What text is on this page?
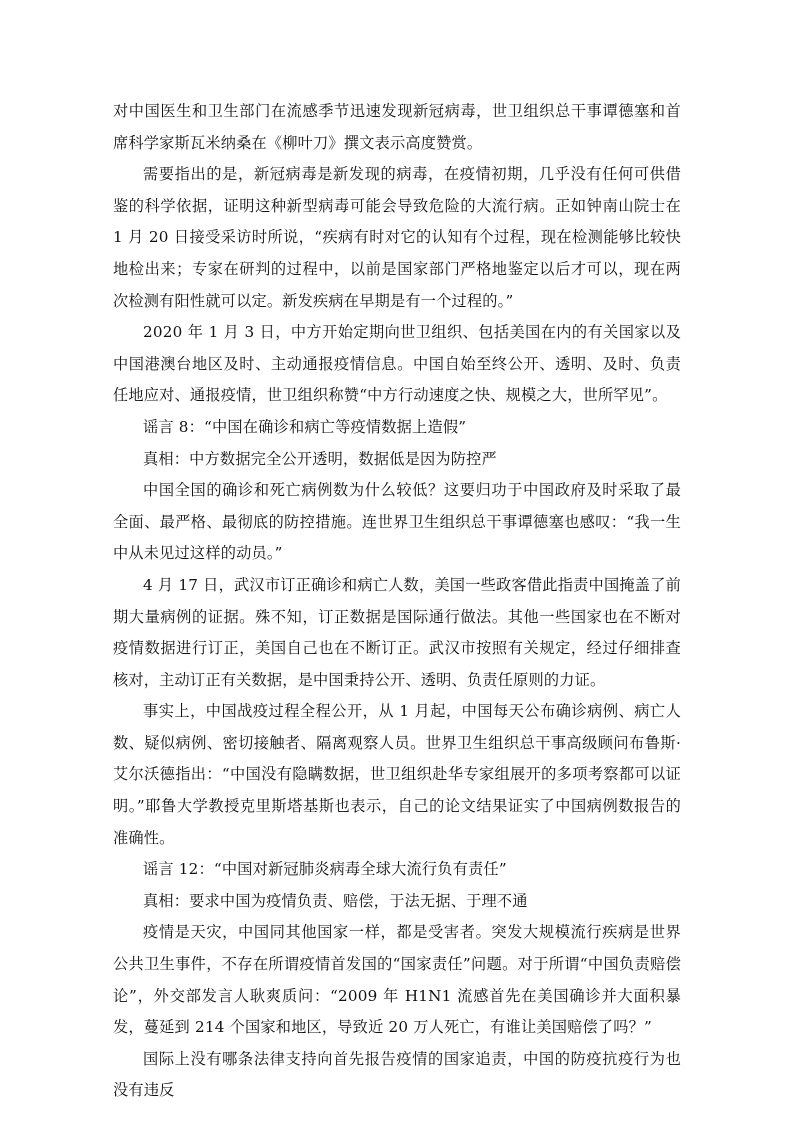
对中国医生和卫生部门在流感季节迅速发现新冠病毒，世卫组织总干事谭德塞和首席科学家斯瓦米纳桑在《柳叶刀》撰文表示高度赞赏。

需要指出的是，新冠病毒是新发现的病毒，在疫情初期，几乎没有任何可供借鉴的科学依据，证明这种新型病毒可能会导致危险的大流行病。正如钟南山院士在 1 月 20 日接受采访时所说，“疾病有时对它的认知有个过程，现在检测能够比较快地检出来；专家在研判的过程中，以前是国家部门严格地鉴定以后才可以，现在两次检测有阳性就可以定。新发疾病在早期是有一个过程的。”

2020 年 1 月 3 日，中方开始定期向世卫组织、包括美国在内的有关国家以及中国港澳台地区及时、主动通报疫情信息。中国自始至终公开、透明、及时、负责任地应对、通报疫情，世卫组织称赞“中方行动速度之快、规模之大，世所罕见”。

谣言 8：“中国在确诊和病亡等疫情数据上造假”

真相：中方数据完全公开透明，数据低是因为防控严

中国全国的确诊和死亡病例数为什么较低？这要归功于中国政府及时采取了最全面、最严格、最彻底的防控措施。连世界卫生组织总干事谭德塞也感叹：“我一生中从未见过这样的动员。”

4 月 17 日，武汉市订正确诊和病亡人数，美国一些政客借此指责中国掩盖了前期大量病例的证据。殊不知，订正数据是国际通行做法。其他一些国家也在不断对疫情数据进行订正，美国自己也在不断订正。武汉市按照有关规定，经过仔细排查核对，主动订正有关数据，是中国秉持公开、透明、负责任原则的力证。

事实上，中国战疫过程全程公开，从 1 月起，中国每天公布确诊病例、病亡人数、疑似病例、密切接触者、隔离观察人员。世界卫生组织总干事高级顾问布鲁斯·艾尔沃德指出：“中国没有隐瞒数据，世卫组织赴华专家组展开的多项考察都可以证明。”耶鲁大学教授克里斯塔基斯也表示，自己的论文结果证实了中国病例数报告的准确性。

谣言 12：“中国对新冠肺炎病毒全球大流行负有责任”

真相：要求中国为疫情负责、赔偿，于法无据、于理不通

疫情是天灾，中国同其他国家一样，都是受害者。突发大规模流行疾病是世界公共卫生事件，不存在所谓疫情首发国的“国家责任”问题。对于所谓“中国负责赔偿论”，外交部发言人耿爽质问：“2009 年 H1N1 流感首先在美国确诊并大面积暴发，蔓延到 214 个国家和地区，导致近 20 万人死亡，有谁让美国赔偿了吗？”

国际上没有哪条法律支持向首先报告疫情的国家追责，中国的防疫抗疫行为也没有违反
